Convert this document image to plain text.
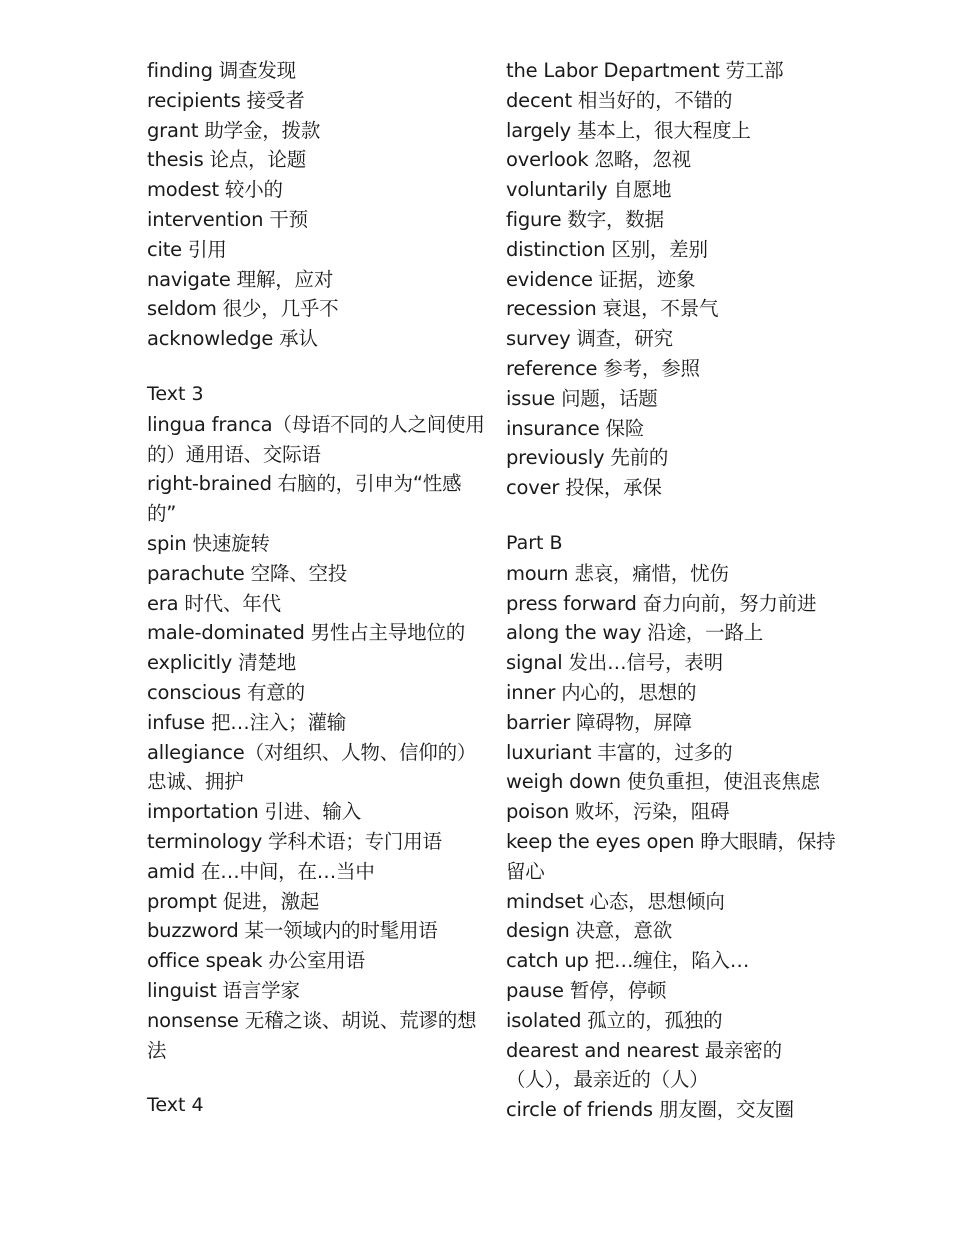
finding 调查发现
recipients 接受者
grant 助学金，拨款
thesis 论点，论题
modest 较小的
intervention 干预
cite 引用
navigate 理解，应对
seldom 很少，几乎不
acknowledge 承认
Text 3
lingua franca（母语不同的人之间使用的）通用语、交际语
right-brained 右脑的，引申为“性感的”
spin 快速旋转
parachute 空降、空投
era 时代、年代
male-dominated 男性占主导地位的
explicitly 清楚地
conscious 有意的
infuse 把…注入；灌输
allegiance（对组织、人物、信仰的）忠诚、拥护
importation 引进、输入
terminology 学科术语；专门用语
amid 在…中间，在…当中
prompt 促进，激起
buzzword 某一领域内的时髦用语
office speak 办公室用语
linguist 语言学家
nonsense 无稽之谈、胡说、荒谬的想法
Text 4
the Labor Department 劳工部
decent 相当好的，不错的
largely 基本上，很大程度上
overlook 忽略，忽视
voluntarily 自愿地
figure 数字，数据
distinction 区别，差别
evidence 证据，迹象
recession 衰退，不景气
survey 调查，研究
reference 参考，参照
issue 问题，话题
insurance 保险
previously 先前的
cover 投保，承保
Part B
mourn 悲哀，痛惜，忧伤
press forward 奋力向前，努力前进
along the way 沿途，一路上
signal 发出…信号，表明
inner 内心的，思想的
barrier 障碍物，屏障
luxuriant 丰富的，过多的
weigh down 使负重担，使沮丧焦虑
poison 败坏，污染，阻碍
keep the eyes open 睁大眼睛，保持留心
mindset 心态，思想倾向
design 决意，意欲
catch up 把…缠住，陷入…
pause 暂停，停顿
isolated 孤立的，孤独的
dearest and nearest 最亲密的（人），最亲近的（人）
circle of friends 朋友圈，交友圈
